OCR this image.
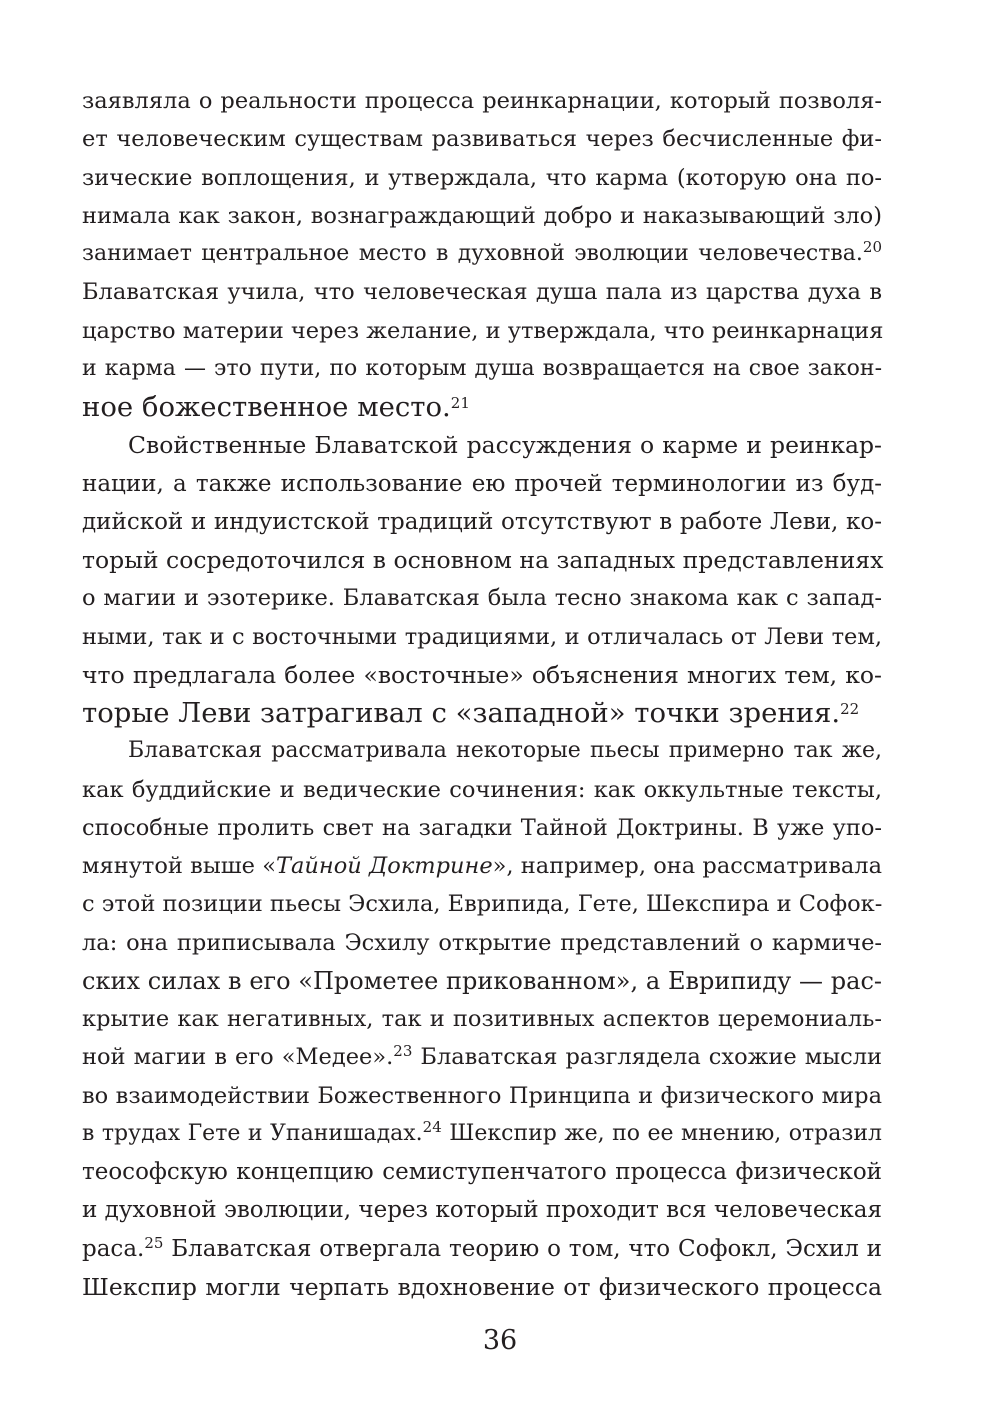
заявляла о реальности процесса реинкарнации, который позволя-
ет человеческим существам развиваться через бесчисленные фи-
зические воплощения, и утверждала, что карма (которую она по-
нимала как закон, вознаграждающий добро и наказывающий зло)
занимает центральное место в духовной эволюции человечества.$^{20}$
Блаватская учила, что человеческая душа пала из царства духа в
царство материи через желание, и утверждала, что реинкарнация
и карма — это пути, по которым душа возвращается на свое закон-
ное божественное место.$^{21}$
Свойственные Блаватской рассуждения о карме и реинкар-
нации, а также использование ею прочей терминологии из буд-
дийской и индуистской традиций отсутствуют в работе Леви, ко-
торый сосредоточился в основном на западных представлениях
о магии и эзотерике. Блаватская была тесно знакома как с запад-
ными, так и с восточными традициями, и отличалась от Леви тем,
что предлагала более «восточные» объяснения многих тем, ко-
торые Леви затрагивал с «западной» точки зрения.$^{22}$
Блаватская рассматривала некоторые пьесы примерно так же,
как буддийские и ведические сочинения: как оккультные тексты,
способные пролить свет на загадки Тайной Доктрины. В уже упо-
мянутой выше «Тайной Доктрине», например, она рассматривала
с этой позиции пьесы Эсхила, Еврипида, Гете, Шекспира и Софок-
ла: она приписывала Эсхилу открытие представлений о кармиче-
ских силах в его «Прометее прикованном», а Еврипиду — рас-
крытие как негативных, так и позитивных аспектов церемониаль-
ной магии в его «Медее».$^{23}$ Блаватская разглядела схожие мысли
во взаимодействии Божественного Принципа и физического мира
в трудах Гете и Упанишадах.$^{24}$ Шекспир же, по ее мнению, отразил
теософскую концепцию семиступенчатого процесса физической
и духовной эволюции, через который проходит вся человеческая
раса.$^{25}$ Блаватская отвергала теорию о том, что Софокл, Эсхил и
Шекспир могли черпать вдохновение от физического процесса
36
